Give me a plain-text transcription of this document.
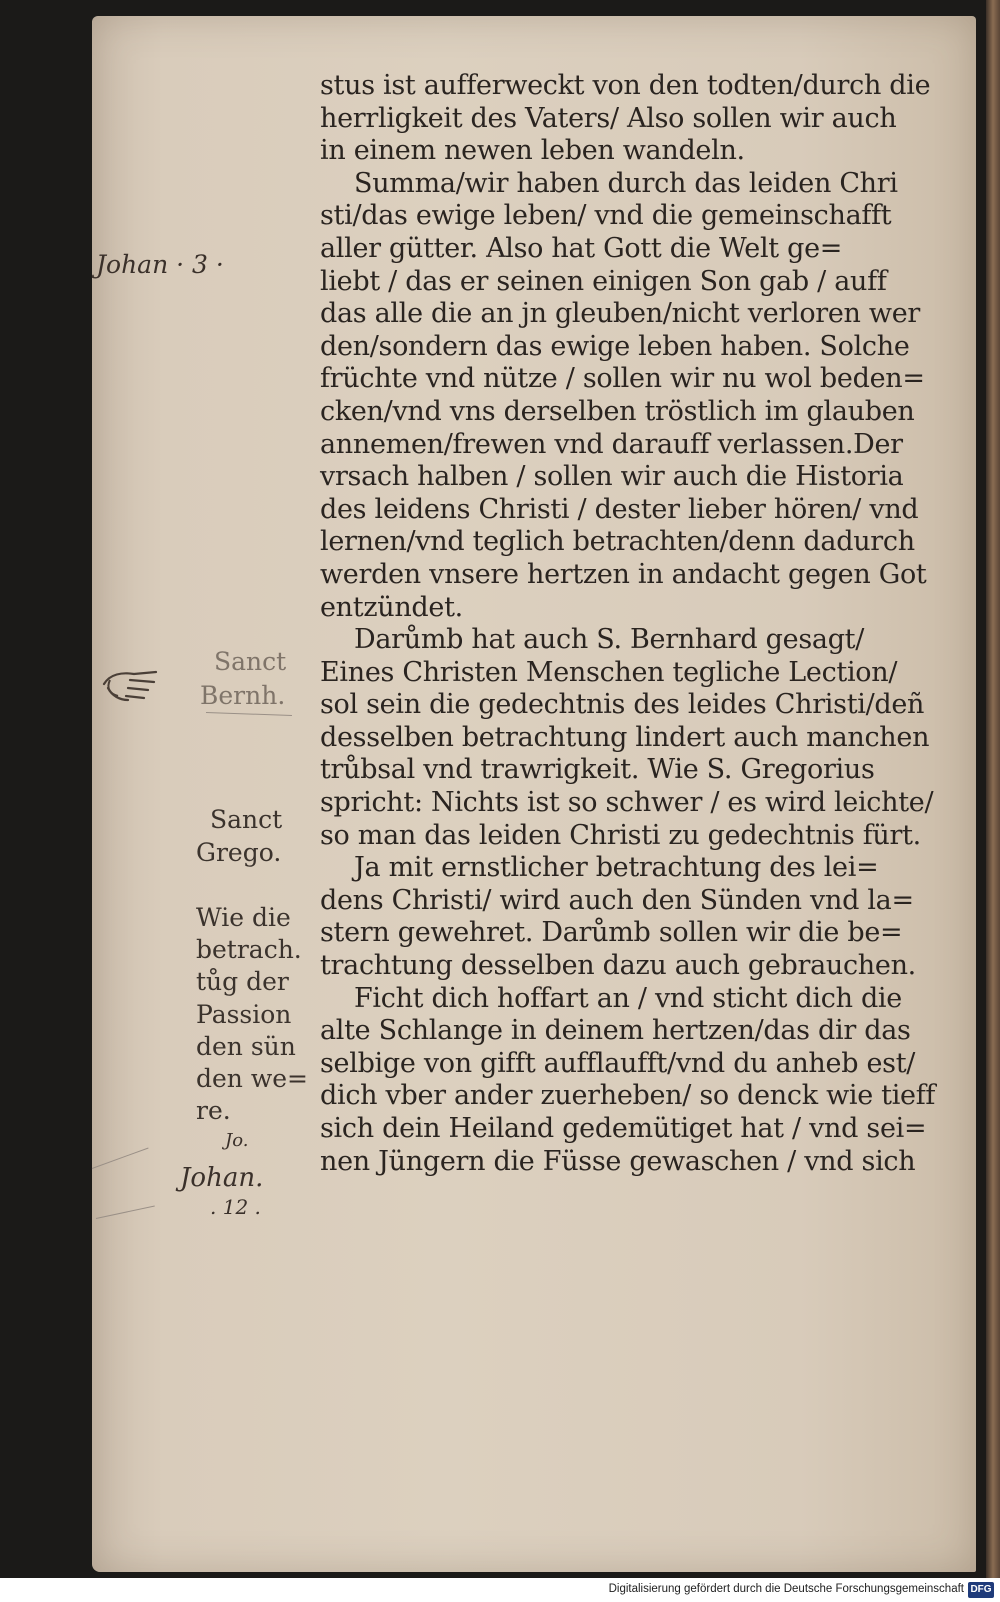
stus ist aufferweckt von den todten/durch die
herrligkeit des Vaters/ Also sollen wir auch
in einem newen leben wandeln.
Summa/wir haben durch das leiden Chri
sti/das ewige leben/ vnd die gemeinschafft
aller gütter. Also hat Gott die Welt ge=
liebt / das er seinen einigen Son gab / auff
das alle die an jn gleuben/nicht verloren wer
den/sondern das ewige leben haben. Solche
früchte vnd nütze / sollen wir nu wol beden=
cken/vnd vns derselben tröstlich im glauben
annemen/frewen vnd darauff verlassen.Der
vrsach halben / sollen wir auch die Historia
des leidens Christi / dester lieber hören/ vnd
lernen/vnd teglich betrachten/denn dadurch
werden vnsere hertzen in andacht gegen Got
entzündet.
Darůmb hat auch S. Bernhard gesagt/
Eines Christen Menschen tegliche Lection/
sol sein die gedechtnis des leides Christi/deñ
desselben betrachtung lindert auch manchen
trůbsal vnd trawrigkeit. Wie S. Gregorius
spricht: Nichts ist so schwer / es wird leichte/
so man das leiden Christi zu gedechtnis fürt.
Ja mit ernstlicher betrachtung des lei=
dens Christi/ wird auch den Sünden vnd la=
stern gewehret. Darůmb sollen wir die be=
trachtung desselben dazu auch gebrauchen.
Ficht dich hoffart an / vnd sticht dich die
alte Schlange in deinem hertzen/das dir das
selbige von gifft aufflaufft/vnd du anheb est/
dich vber ander zuerheben/ so denck wie tieff
sich dein Heiland gedemütiget hat / vnd sei=
nen Jüngern die Füsse gewaschen / vnd sich
Sanct
Bernh.
Sanct
Grego.
Wie die
betrach.
tůg der
Passion
den sün
den we=
re.
Johan · 3 ·
Jo.
Johan.
. 12 .
Digitalisierung gefördert durch die Deutsche Forschungsgemeinschaft DFG
